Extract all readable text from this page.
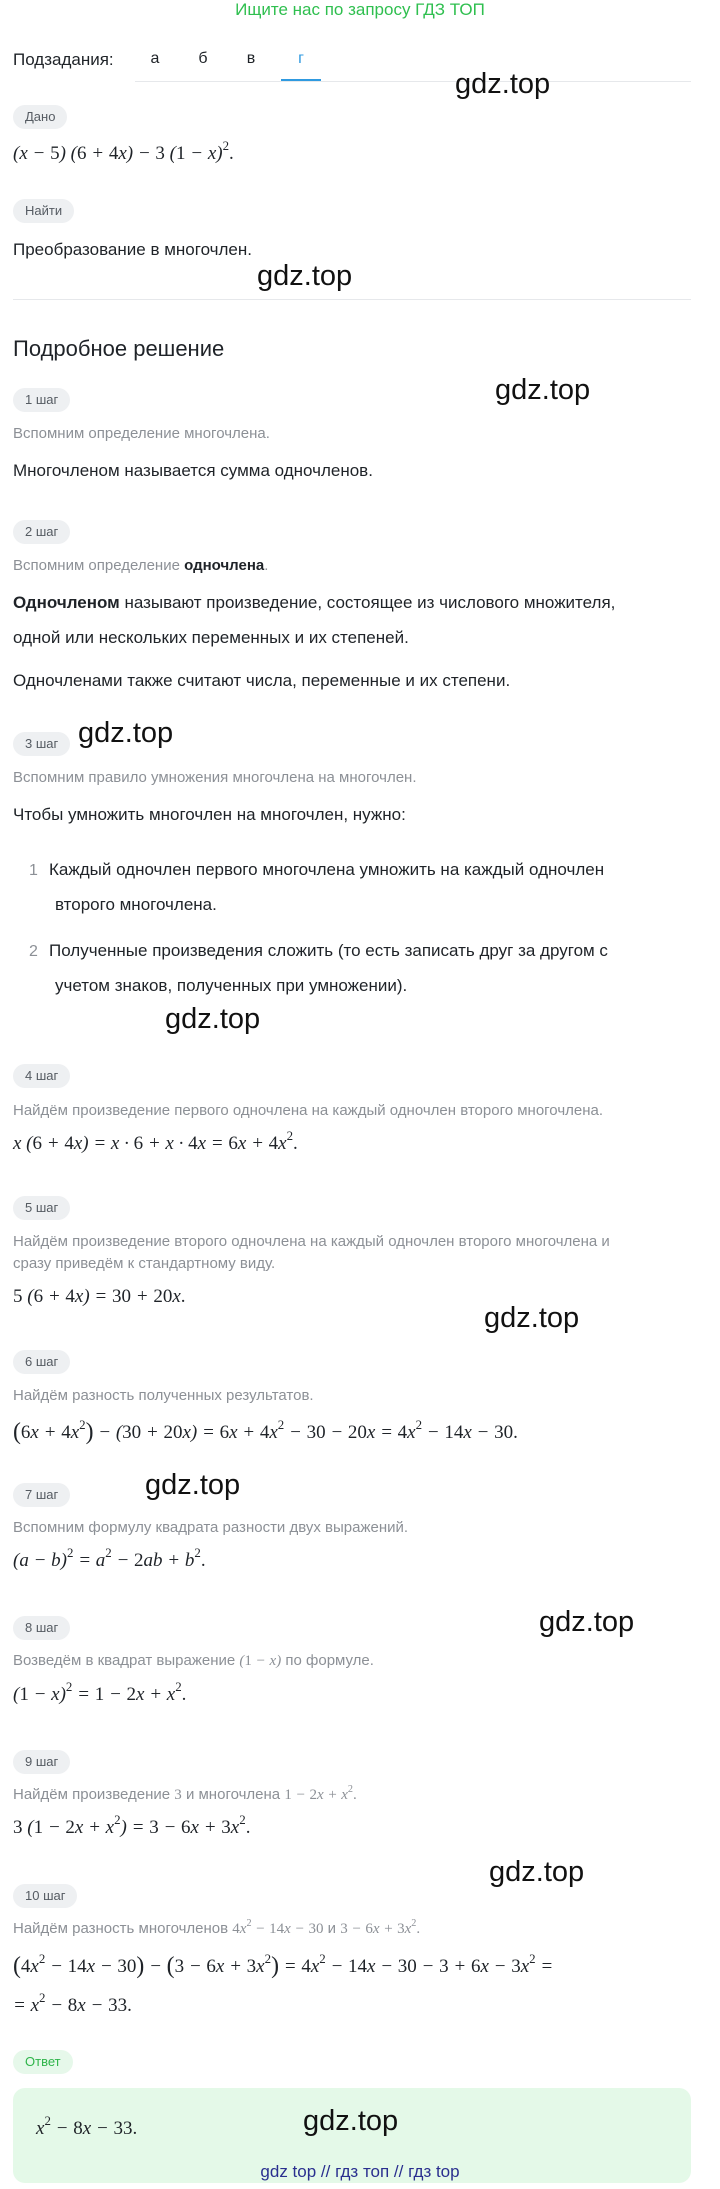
Ищите нас по запросу ГДЗ ТОП
Подзадания:	а	б	в	г
gdz.top
Дано
(x − 5) (6 + 4x) − 3 $(1 - x)^2$.
Найти
Преобразование в многочлен.
gdz.top
Подробное решение
gdz.top
1 шаг
Вспомним определение многочлена.
Многочленом называется сумма одночленов.
2 шаг
Вспомним определение одночлена.
Одночленом называют произведение, состоящее из числового множителя,
одной или нескольких переменных и их степеней.
Одночленами также считают числа, переменные и их степени.
3 шаг gdz.top
Вспомним правило умножения многочлена на многочлен.
Чтобы умножить многочлен на многочлен, нужно:
1 Каждый одночлен первого многочлена умножить на каждый одночлен
второго многочлена.
2 Полученные произведения сложить (то есть записать друг за другом с
учетом знаков, полученных при умножении).
gdz.top
4 шаг
Найдём произведение первого одночлена на каждый одночлен второго многочлена.
x $(6 + 4x) = x \cdot 6 + x \cdot 4x = 6x + 4x^2$.
5 шаг
Найдём произведение второго одночлена на каждый одночлен второго многочлена и
сразу приведём к стандартному виду.
5 (6 + 4x) = 30 + 20x.
gdz.top
6 шаг
Найдём разность полученных результатов.
$(6x + 4x^2) - (30 + 20x) = 6x + 4x^2 - 30 - 20x = 4x^2 - 14x - 30$.
gdz.top
7 шаг
Вспомним формулу квадрата разности двух выражений.
$(a - b)^2 = a^2 - 2ab + b^2$.
gdz.top
8 шаг
Возведём в квадрат выражение (1 − x) по формуле.
$(1 - x)^2 = 1 - 2x + x^2$.
9 шаг
Найдём произведение 3 и многочлена $1 - 2x + x^2$.
3 $(1 - 2x + x^2) = 3 - 6x + 3x^2$.
gdz.top
10 шаг
Найдём разность многочленов $4x^2 - 14x - 30$ и $3 - 6x + 3x^2$.
$(4x^2 - 14x - 30) - (3 - 6x + 3x^2) = 4x^2 - 14x - 30 - 3 + 6x - 3x^2$ =
= $x^2 - 8x - 33$.
Ответ
$x^2 - 8x - 33$.	gdz.top
gdz top // гдз топ // гдз top
